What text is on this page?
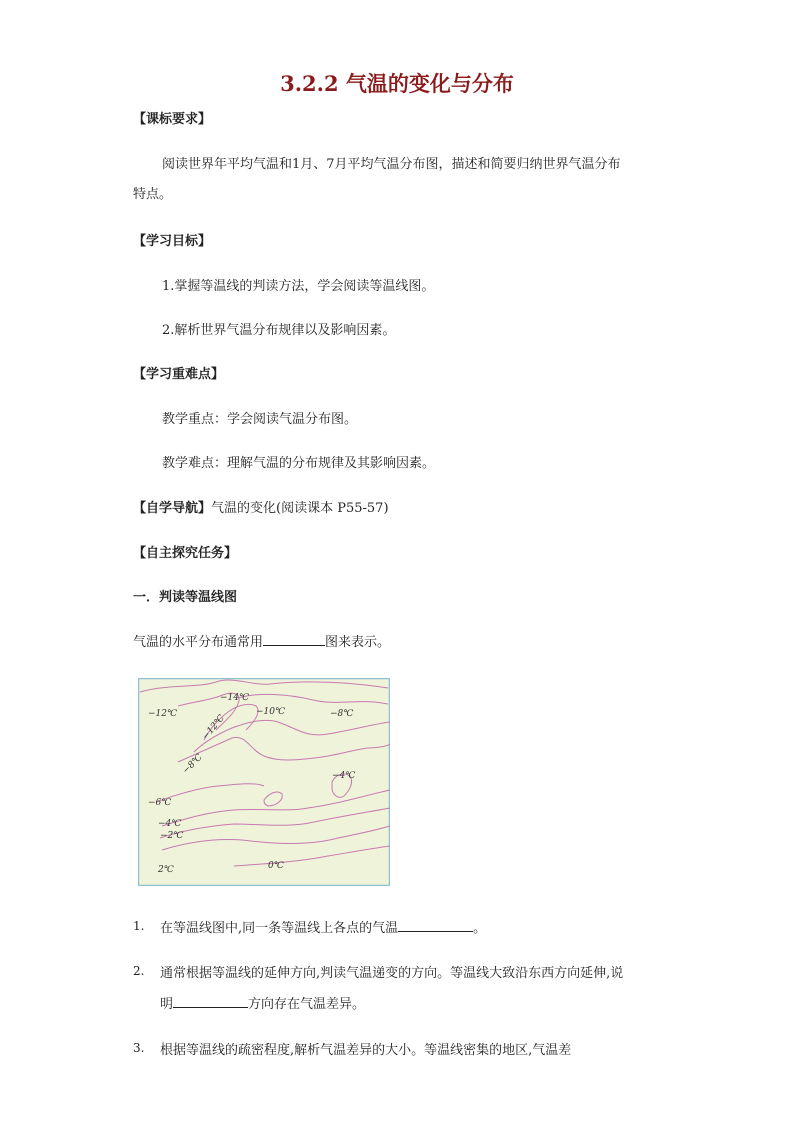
3.2.2 气温的变化与分布
【课标要求】
阅读世界年平均气温和1月、7月平均气温分布图，描述和简要归纳世界气温分布
特点。
【学习目标】
1.掌握等温线的判读方法，学会阅读等温线图。
2.解析世界气温分布规律以及影响因素。
【学习重难点】
教学重点：学会阅读气温分布图。
教学难点：理解气温的分布规律及其影响因素。
【自学导航】气温的变化(阅读课本 P55-57)
【自主探究任务】
一．判读等温线图
气温的水平分布通常用	图来表示。
−12℃
−14℃
−10℃
−12℃	−8℃
−8℃	−4℃
−6℃
−4℃
−2℃
0℃
2℃
1. 在等温线图中,同一条等温线上各点的气温	。
2. 通常根据等温线的延伸方向,判读气温递变的方向。等温线大致沿东西方向延伸,说
明	方向存在气温差异。
3. 根据等温线的疏密程度,解析气温差异的大小。等温线密集的地区,气温差
